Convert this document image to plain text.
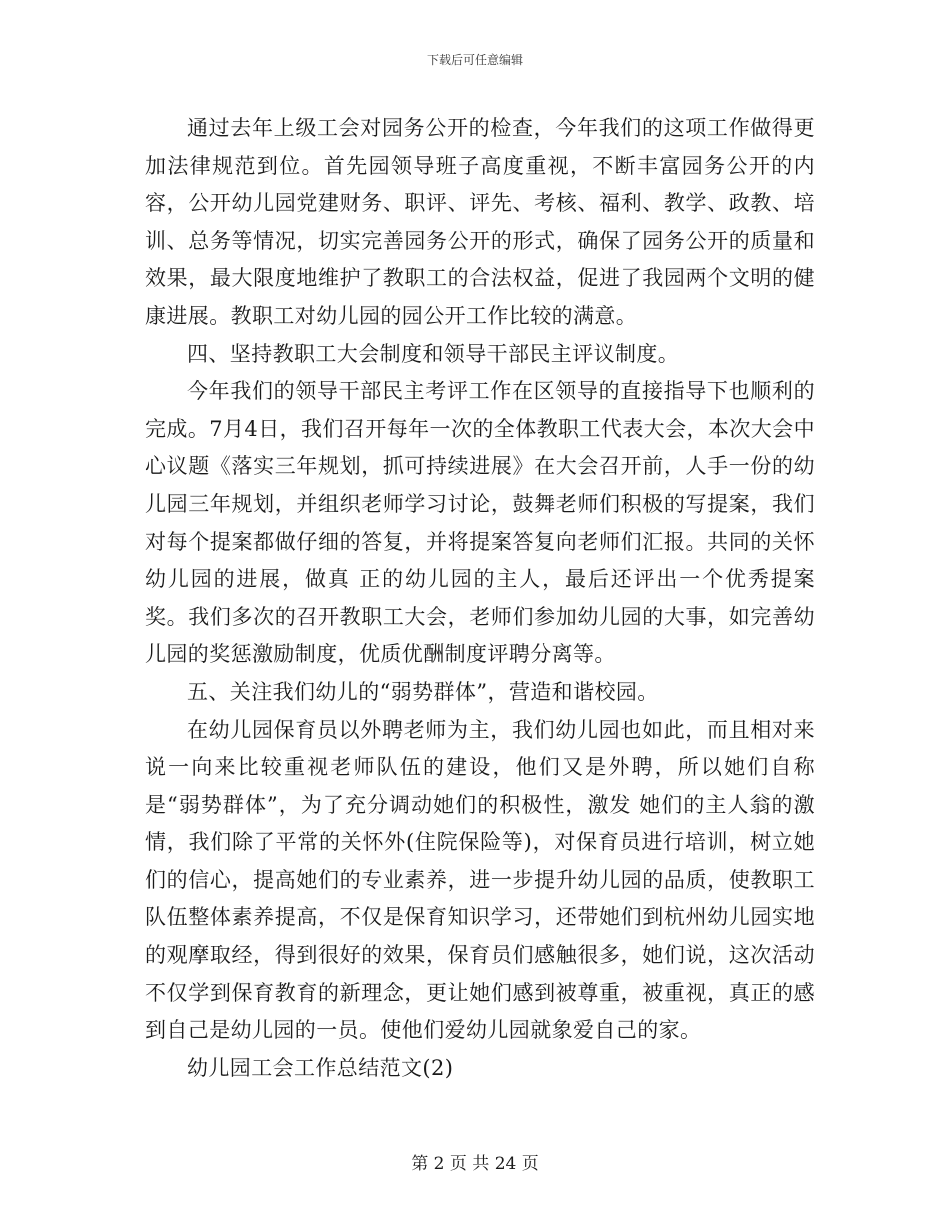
下载后可任意编辑

通过去年上级工会对园务公开的检查，今年我们的这项工作做得更加法律规范到位。首先园领导班子高度重视，不断丰富园务公开的内容，公开幼儿园党建财务、职评、评先、考核、福利、教学、政教、培训、总务等情况，切实完善园务公开的形式，确保了园务公开的质量和效果，最大限度地维护了教职工的合法权益，促进了我园两个文明的健康进展。教职工对幼儿园的园公开工作比较的满意。

四、坚持教职工大会制度和领导干部民主评议制度。

今年我们的领导干部民主考评工作在区领导的直接指导下也顺利的完成。7月4日，我们召开每年一次的全体教职工代表大会，本次大会中心议题《落实三年规划，抓可持续进展》在大会召开前，人手一份的幼儿园三年规划，并组织老师学习讨论，鼓舞老师们积极的写提案，我们对每个提案都做仔细的答复，并将提案答复向老师们汇报。共同的关怀幼儿园的进展，做真 正的幼儿园的主人，最后还评出一个优秀提案奖。我们多次的召开教职工大会，老师们参加幼儿园的大事，如完善幼儿园的奖惩激励制度，优质优酬制度评聘分离等。

五、关注我们幼儿的“弱势群体”，营造和谐校园。

在幼儿园保育员以外聘老师为主，我们幼儿园也如此，而且相对来说一向来比较重视老师队伍的建设，他们又是外聘，所以她们自称是“弱势群体”，为了充分调动她们的积极性，激发 她们的主人翁的激情，我们除了平常的关怀外(住院保险等)，对保育员进行培训，树立她们的信心，提高她们的专业素养，进一步提升幼儿园的品质，使教职工队伍整体素养提高，不仅是保育知识学习，还带她们到杭州幼儿园实地的观摩取经，得到很好的效果，保育员们感触很多，她们说，这次活动不仅学到保育教育的新理念，更让她们感到被尊重，被重视，真正的感到自己是幼儿园的一员。使他们爱幼儿园就象爱自己的家。

幼儿园工会工作总结范文(2)

第 2 页 共 24 页
